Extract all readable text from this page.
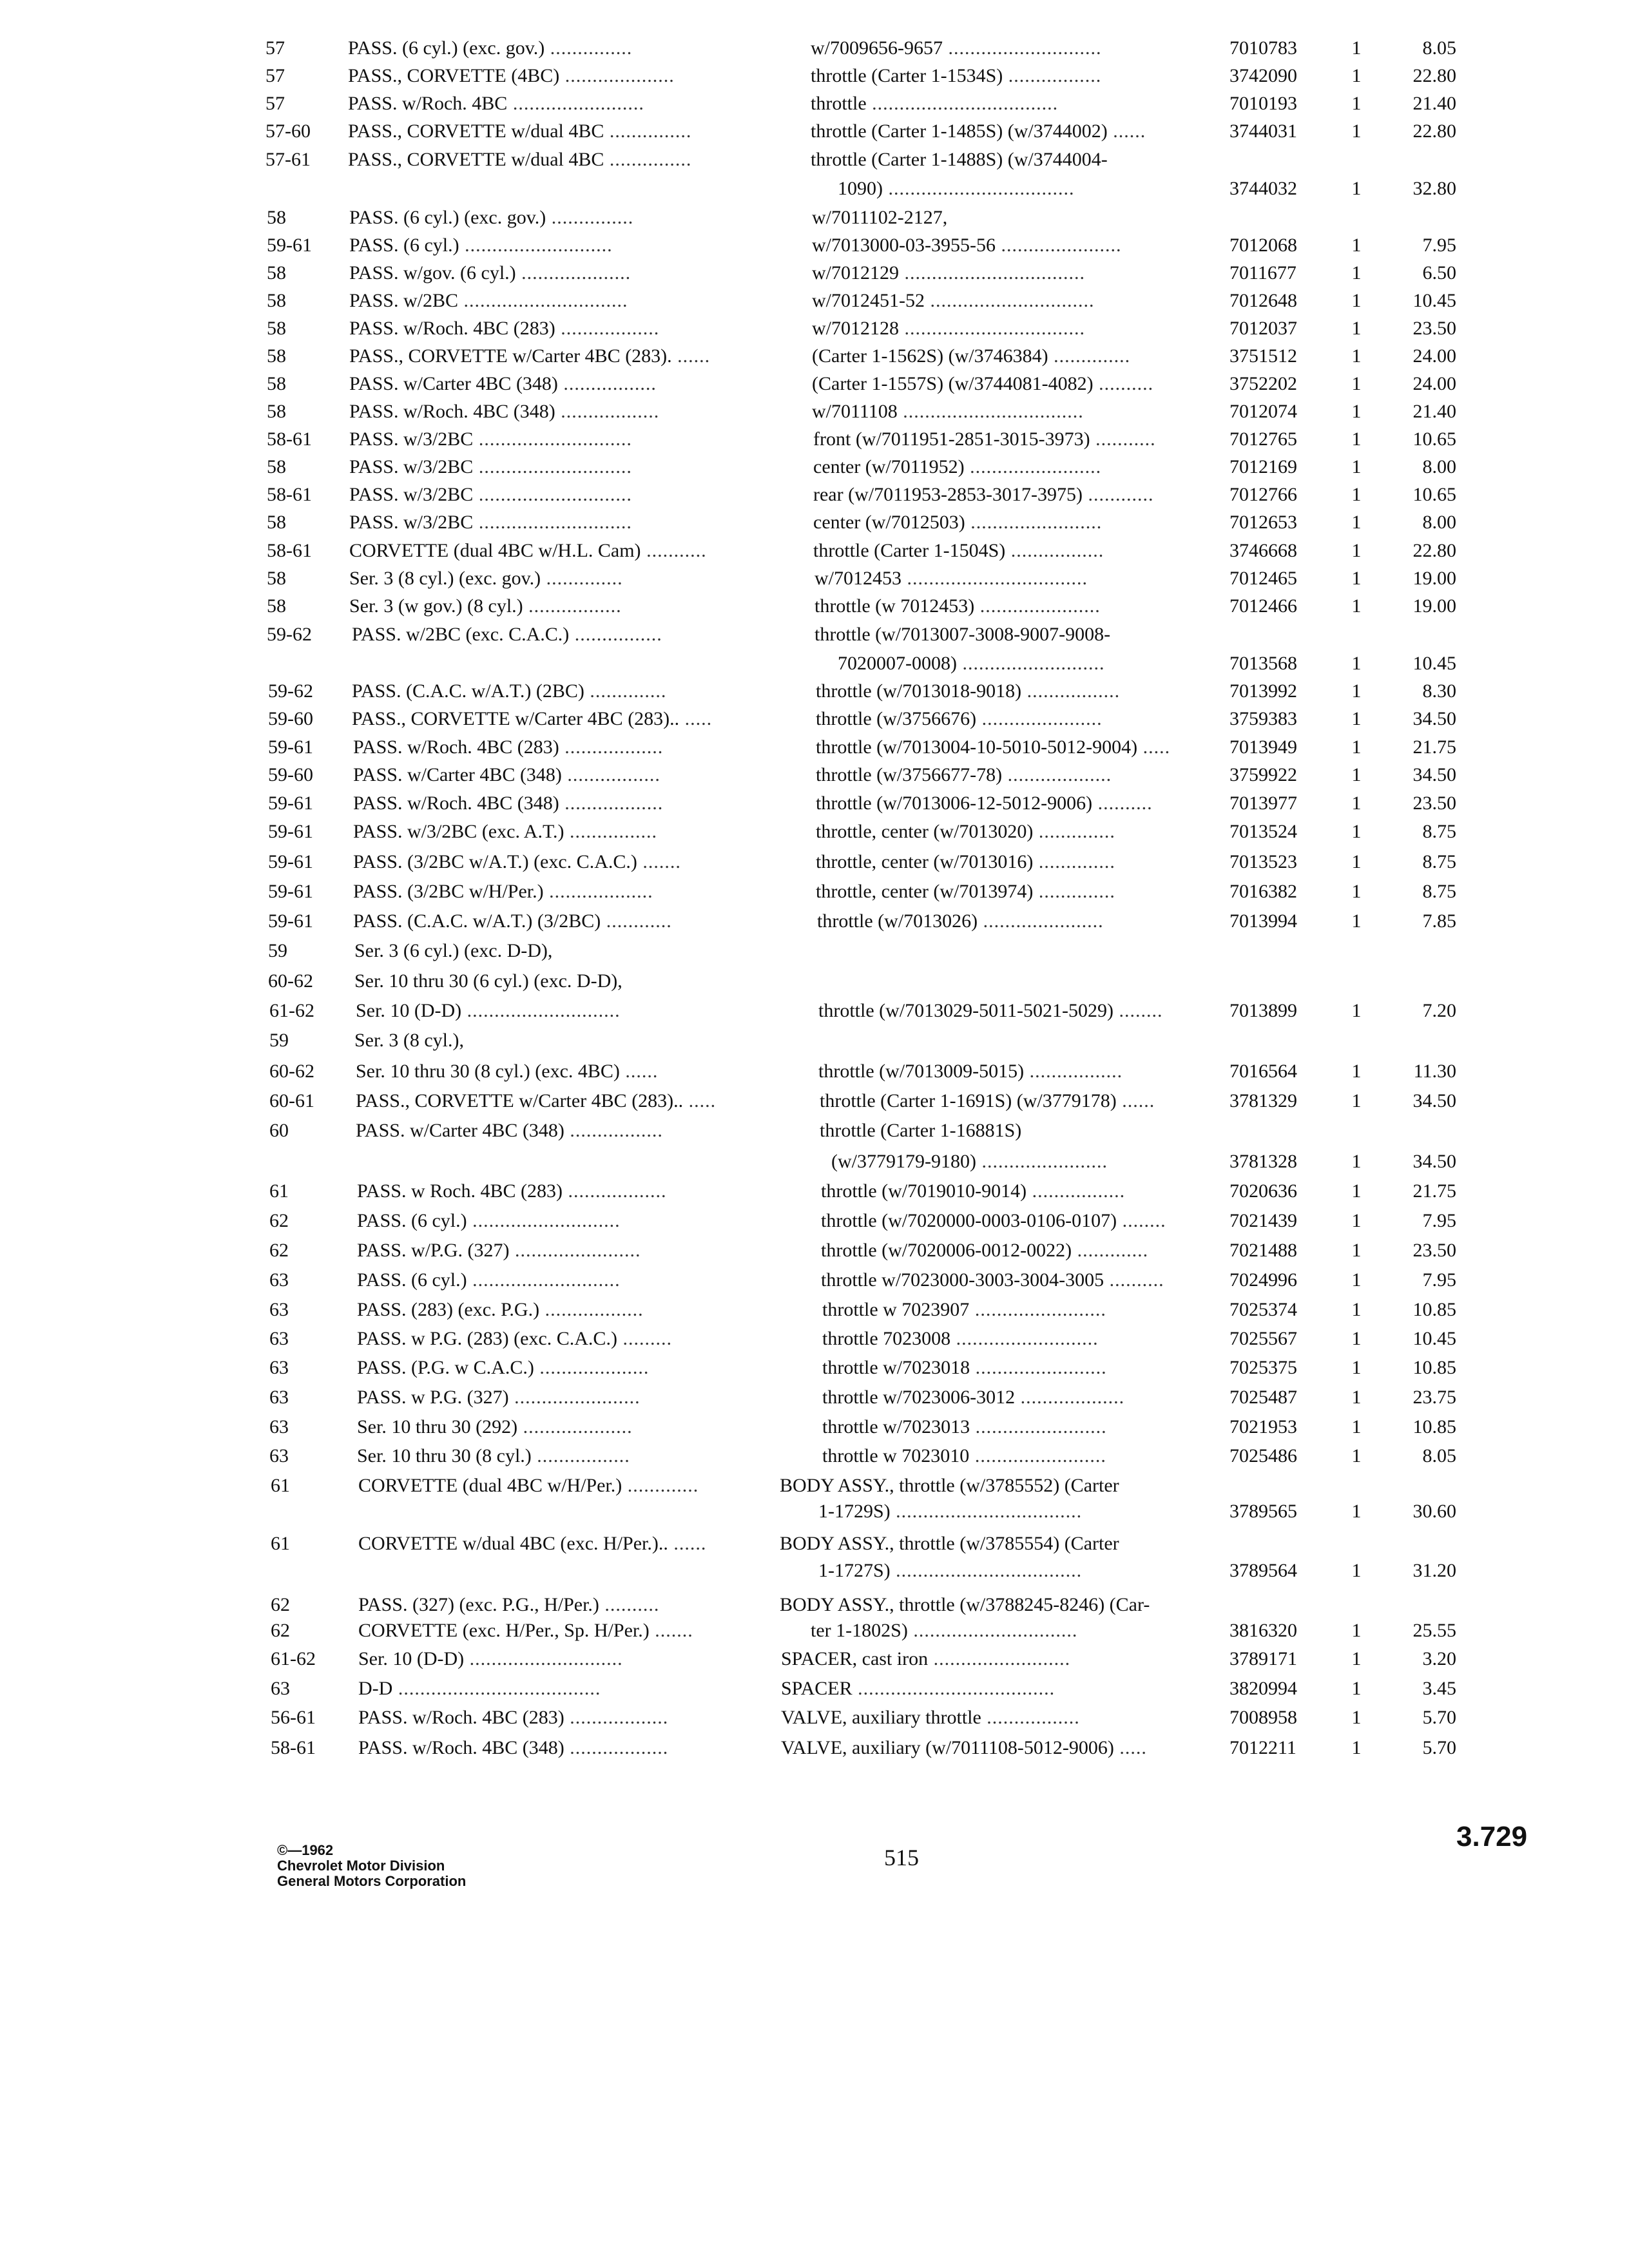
57	PASS. (6 cyl.) (exc. gov.) ...............	w/7009656-9657 ............................	7010783	1	8.05
57	PASS., CORVETTE (4BC) ....................	throttle (Carter 1-1534S) .................	3742090	1	22.80
57	PASS. w/Roch. 4BC ........................	throttle ..................................	7010193	1	21.40
57-60	PASS., CORVETTE w/dual 4BC ...............	throttle (Carter 1-1485S) (w/3744002) ......	3744031	1	22.80
57-61	PASS., CORVETTE w/dual 4BC ...............	throttle (Carter 1-1488S) (w/3744004-
1090) ..................................	3744032	1	32.80
58	PASS. (6 cyl.) (exc. gov.) ...............	w/7011102-2127,
59-61	PASS. (6 cyl.) ...........................	w/7013000-03-3955-56 ......................	7012068	1	7.95
58	PASS. w/gov. (6 cyl.) ....................	w/7012129 .................................	7011677	1	6.50
58	PASS. w/2BC ..............................	w/7012451-52 ..............................	7012648	1	10.45
58	PASS. w/Roch. 4BC (283) ..................	w/7012128 .................................	7012037	1	23.50
58	PASS., CORVETTE w/Carter 4BC (283). ......	(Carter 1-1562S) (w/3746384) ..............	3751512	1	24.00
58	PASS. w/Carter 4BC (348) .................	(Carter 1-1557S) (w/3744081-4082) ..........	3752202	1	24.00
58	PASS. w/Roch. 4BC (348) ..................	w/7011108 .................................	7012074	1	21.40
58-61	PASS. w/3/2BC ............................	front (w/7011951-2851-3015-3973) ...........	7012765	1	10.65
58	PASS. w/3/2BC ............................	center (w/7011952) ........................	7012169	1	8.00
58-61	PASS. w/3/2BC ............................	rear (w/7011953-2853-3017-3975) ............	7012766	1	10.65
58	PASS. w/3/2BC ............................	center (w/7012503) ........................	7012653	1	8.00
58-61	CORVETTE (dual 4BC w/H.L. Cam) ...........	throttle (Carter 1-1504S) .................	3746668	1	22.80
58	Ser. 3 (8 cyl.) (exc. gov.) ..............	w/7012453 .................................	7012465	1	19.00
58	Ser. 3 (w gov.) (8 cyl.) .................	throttle (w 7012453) ......................	7012466	1	19.00
59-62	PASS. w/2BC (exc. C.A.C.) ................	throttle (w/7013007-3008-9007-9008-
7020007-0008) ..........................	7013568	1	10.45
59-62	PASS. (C.A.C. w/A.T.) (2BC) ..............	throttle (w/7013018-9018) .................	7013992	1	8.30
59-60	PASS., CORVETTE w/Carter 4BC (283).. .....	throttle (w/3756676) ......................	3759383	1	34.50
59-61	PASS. w/Roch. 4BC (283) ..................	throttle (w/7013004-10-5010-5012-9004) .....	7013949	1	21.75
59-60	PASS. w/Carter 4BC (348) .................	throttle (w/3756677-78) ...................	3759922	1	34.50
59-61	PASS. w/Roch. 4BC (348) ..................	throttle (w/7013006-12-5012-9006) ..........	7013977	1	23.50
59-61	PASS. w/3/2BC (exc. A.T.) ................	throttle, center (w/7013020) ..............	7013524	1	8.75
59-61	PASS. (3/2BC w/A.T.) (exc. C.A.C.) .......	throttle, center (w/7013016) ..............	7013523	1	8.75
59-61	PASS. (3/2BC w/H/Per.) ...................	throttle, center (w/7013974) ..............	7016382	1	8.75
59-61	PASS. (C.A.C. w/A.T.) (3/2BC) ............	throttle (w/7013026) ......................	7013994	1	7.85
59	Ser. 3 (6 cyl.) (exc. D-D),
60-62	Ser. 10 thru 30 (6 cyl.) (exc. D-D),
61-62	Ser. 10 (D-D) ............................	throttle (w/7013029-5011-5021-5029) ........	7013899	1	7.20
59	Ser. 3 (8 cyl.),
60-62	Ser. 10 thru 30 (8 cyl.) (exc. 4BC) ......	throttle (w/7013009-5015) .................	7016564	1	11.30
60-61	PASS., CORVETTE w/Carter 4BC (283).. .....	throttle (Carter 1-1691S) (w/3779178) ......	3781329	1	34.50
60	PASS. w/Carter 4BC (348) .................	throttle (Carter 1-16881S)
(w/3779179-9180) .......................	3781328	1	34.50
61	PASS. w Roch. 4BC (283) ..................	throttle (w/7019010-9014) .................	7020636	1	21.75
62	PASS. (6 cyl.) ...........................	throttle (w/7020000-0003-0106-0107) ........	7021439	1	7.95
62	PASS. w/P.G. (327) .......................	throttle (w/7020006-0012-0022) .............	7021488	1	23.50
63	PASS. (6 cyl.) ...........................	throttle w/7023000-3003-3004-3005 ..........	7024996	1	7.95
63	PASS. (283) (exc. P.G.) ..................	throttle w 7023907 ........................	7025374	1	10.85
63	PASS. w P.G. (283) (exc. C.A.C.) .........	throttle 7023008 ..........................	7025567	1	10.45
63	PASS. (P.G. w C.A.C.) ....................	throttle w/7023018 ........................	7025375	1	10.85
63	PASS. w P.G. (327) .......................	throttle w/7023006-3012 ...................	7025487	1	23.75
63	Ser. 10 thru 30 (292) ....................	throttle w/7023013 ........................	7021953	1	10.85
63	Ser. 10 thru 30 (8 cyl.) .................	throttle w 7023010 ........................	7025486	1	8.05
61	CORVETTE (dual 4BC w/H/Per.) .............	BODY ASSY., throttle (w/3785552) (Carter
1-1729S) ..................................	3789565	1	30.60
61	CORVETTE w/dual 4BC (exc. H/Per.).. ......	BODY ASSY., throttle (w/3785554) (Carter
1-1727S) ..................................	3789564	1	31.20
62	PASS. (327) (exc. P.G., H/Per.) ..........	BODY ASSY., throttle (w/3788245-8246) (Car-
62	CORVETTE (exc. H/Per., Sp. H/Per.) .......	ter 1-1802S) ..............................	3816320	1	25.55
61-62	Ser. 10 (D-D) ............................	SPACER, cast iron .........................	3789171	1	3.20
63	D-D .....................................	SPACER ....................................	3820994	1	3.45
56-61	PASS. w/Roch. 4BC (283) ..................	VALVE, auxiliary throttle .................	7008958	1	5.70
58-61	PASS. w/Roch. 4BC (348) ..................	VALVE, auxiliary (w/7011108-5012-9006) .....	7012211	1	5.70
©—1962
Chevrolet Motor Division
General Motors Corporation
515
3.729
